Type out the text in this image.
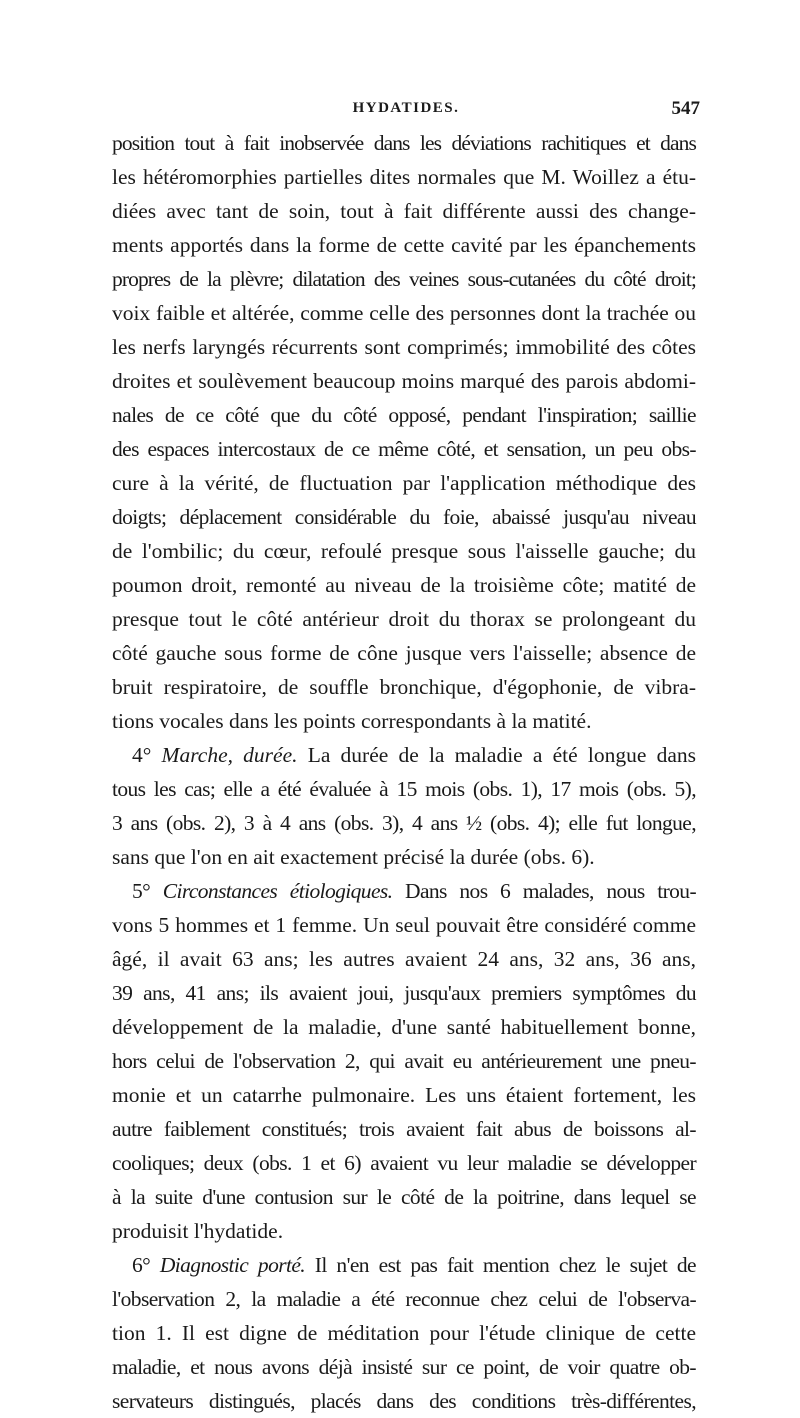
HYDATIDES.	547
position tout à fait inobservée dans les déviations rachitiques et dans
les hétéromorphies partielles dites normales que M. Woillez a étu-
diées avec tant de soin, tout à fait différente aussi des change-
ments apportés dans la forme de cette cavité par les épanchements
propres de la plèvre; dilatation des veines sous-cutanées du côté droit;
voix faible et altérée, comme celle des personnes dont la trachée ou
les nerfs laryngés récurrents sont comprimés; immobilité des côtes
droites et soulèvement beaucoup moins marqué des parois abdomi-
nales de ce côté que du côté opposé, pendant l'inspiration; saillie
des espaces intercostaux de ce même côté, et sensation, un peu obs-
cure à la vérité, de fluctuation par l'application méthodique des
doigts; déplacement considérable du foie, abaissé jusqu'au niveau
de l'ombilic; du cœur, refoulé presque sous l'aisselle gauche; du
poumon droit, remonté au niveau de la troisième côte; matité de
presque tout le côté antérieur droit du thorax se prolongeant du
côté gauche sous forme de cône jusque vers l'aisselle; absence de
bruit respiratoire, de souffle bronchique, d'égophonie, de vibra-
tions vocales dans les points correspondants à la matité.
4° Marche, durée. La durée de la maladie a été longue dans
tous les cas; elle a été évaluée à 15 mois (obs. 1), 17 mois (obs. 5),
3 ans (obs. 2), 3 à 4 ans (obs. 3), 4 ans ½ (obs. 4); elle fut longue,
sans que l'on en ait exactement précisé la durée (obs. 6).
5° Circonstances étiologiques. Dans nos 6 malades, nous trou-
vons 5 hommes et 1 femme. Un seul pouvait être considéré comme
âgé, il avait 63 ans; les autres avaient 24 ans, 32 ans, 36 ans,
39 ans, 41 ans; ils avaient joui, jusqu'aux premiers symptômes du
développement de la maladie, d'une santé habituellement bonne,
hors celui de l'observation 2, qui avait eu antérieurement une pneu-
monie et un catarrhe pulmonaire. Les uns étaient fortement, les
autre faiblement constitués; trois avaient fait abus de boissons al-
cooliques; deux (obs. 1 et 6) avaient vu leur maladie se développer
à la suite d'une contusion sur le côté de la poitrine, dans lequel se
produisit l'hydatide.
6° Diagnostic porté. Il n'en est pas fait mention chez le sujet de
l'observation 2, la maladie a été reconnue chez celui de l'observa-
tion 1. Il est digne de méditation pour l'étude clinique de cette
maladie, et nous avons déjà insisté sur ce point, de voir quatre ob-
servateurs distingués, placés dans des conditions très-différentes,
